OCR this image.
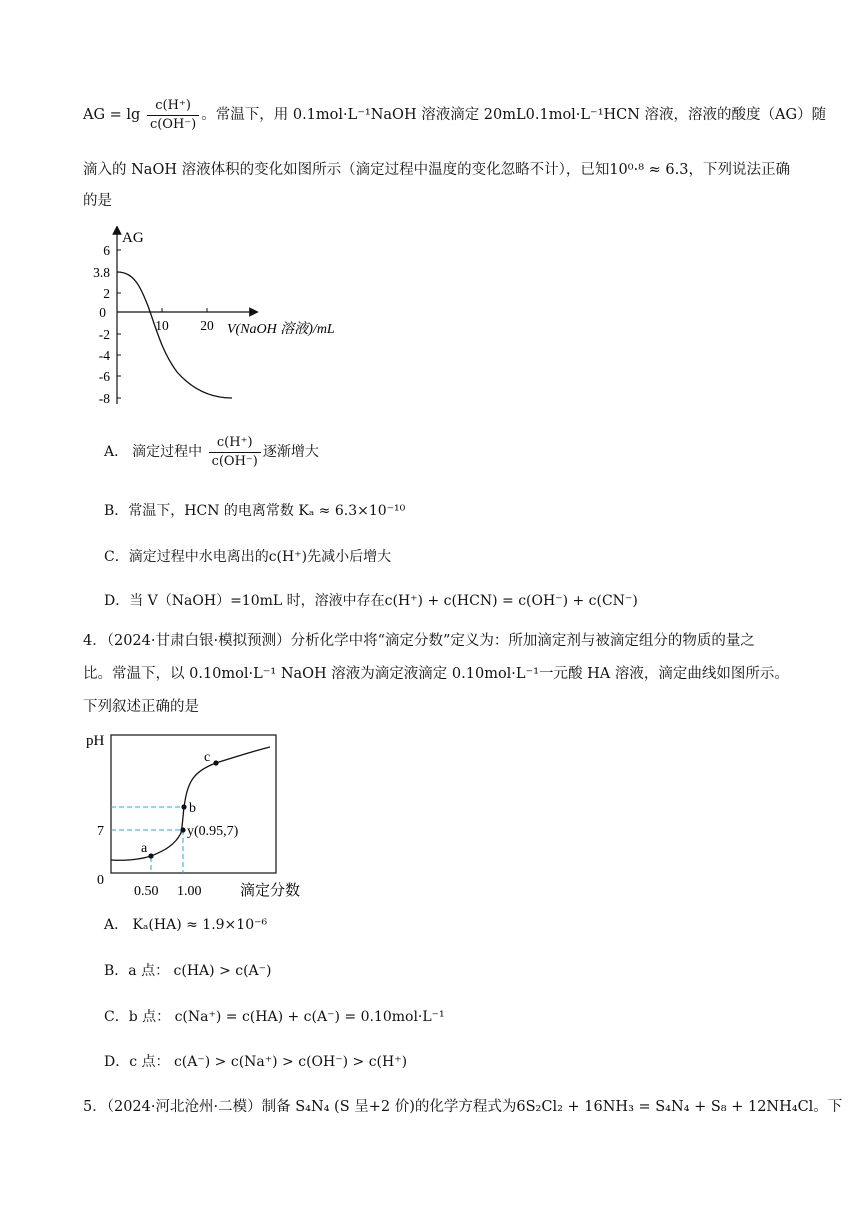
AG = $\lg \frac{c(H^+)}{c(OH^-)}$ 。常温下，用 0.1mol·L⁻¹NaOH 溶液滴定 20mL0.1mol·L⁻¹HCN 溶液，溶液的酸度（AG）随
滴入的 NaOH 溶液体积的变化如图所示（滴定过程中温度的变化忽略不计），已知10⁰·⁸ ≈ 6.3，下列说法正确
的是
AG
6
3.8
2
0
-2
-4
-6
-8
10 20 V(NaOH 溶液)/mL
A． 滴定过程中 $\frac{c(H^+)}{c(OH^-)}$ 逐渐增大
B．常温下，HCN 的电离常数 Kₐ ≈ 6.3×10⁻¹⁰
C．滴定过程中水电离出的c(H⁺)先减小后增大
D．当 V（NaOH）=10mL 时，溶液中存在c(H⁺) + c(HCN) = c(OH⁻) + c(CN⁻)
4．（2024·甘肃白银·模拟预测）分析化学中将“滴定分数”定义为：所加滴定剂与被滴定组分的物质的量之
比。常温下，以 0.10mol·L⁻¹ NaOH 溶液为滴定液滴定 0.10mol·L⁻¹一元酸 HA 溶液，滴定曲线如图所示。
下列叙述正确的是
pH
a
b
c
y(0.95,7)
7
0
0.50 1.00	滴定分数
A． Kₐ(HA) ≈ 1.9×10⁻⁶
B．a 点： c(HA) > c(A⁻)
C．b 点： c(Na⁺) = c(HA) + c(A⁻) = 0.10mol·L⁻¹
D．c 点： c(A⁻) > c(Na⁺) > c(OH⁻) > c(H⁺)
5．（2024·河北沧州·二模）制备 S₄N₄ (S 呈+2 价)的化学方程式为6S₂Cl₂ + 16NH₃ = S₄N₄ + S₈ + 12NH₄Cl。下
